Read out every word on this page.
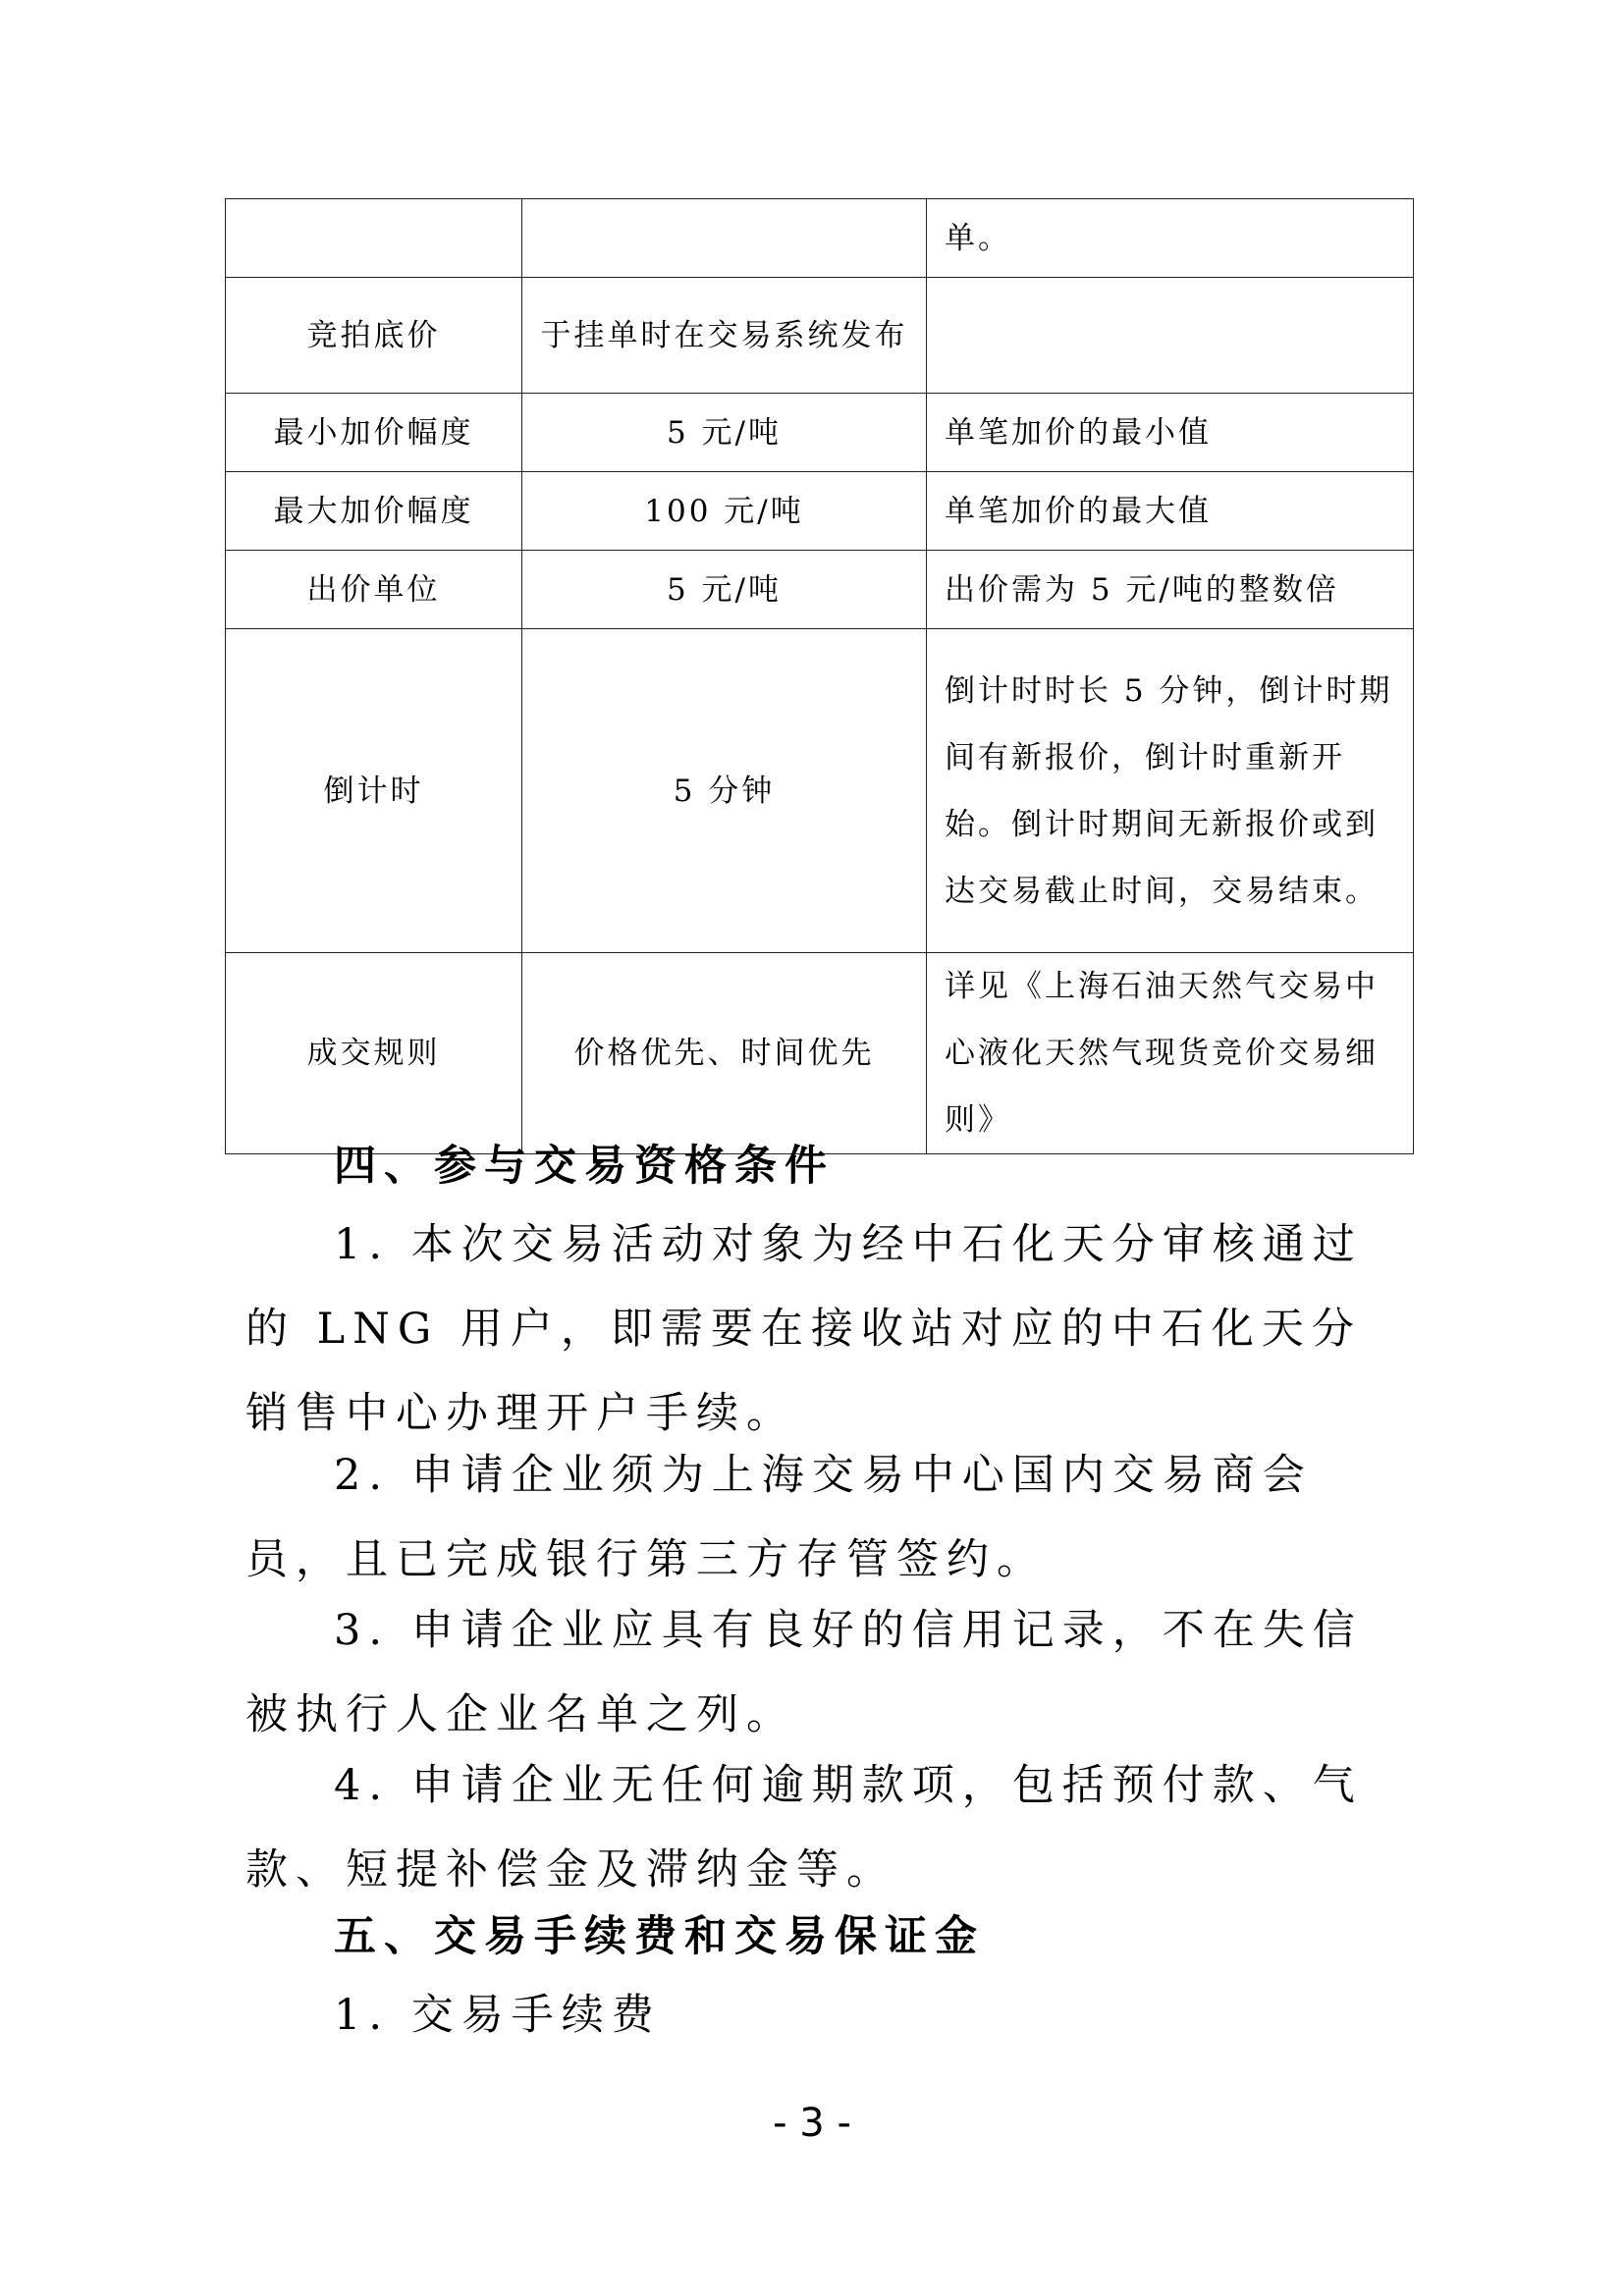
		单。
竞拍底价	于挂单时在交易系统发布	
最小加价幅度	5 元/吨	单笔加价的最小值
最大加价幅度	100 元/吨	单笔加价的最大值
出价单位	5 元/吨	出价需为 5 元/吨的整数倍
倒计时	5 分钟	倒计时时长 5 分钟，倒计时期间有新报价，倒计时重新开始。倒计时期间无新报价或到达交易截止时间，交易结束。
成交规则	价格优先、时间优先	详见《上海石油天然气交易中心液化天然气现货竞价交易细则》
四、参与交易资格条件
1. 本次交易活动对象为经中石化天分审核通过的 LNG 用户，即需要在接收站对应的中石化天分销售中心办理开户手续。
2. 申请企业须为上海交易中心国内交易商会员，且已完成银行第三方存管签约。
3. 申请企业应具有良好的信用记录，不在失信被执行人企业名单之列。
4. 申请企业无任何逾期款项，包括预付款、气款、短提补偿金及滞纳金等。
五、交易手续费和交易保证金
1. 交易手续费
- 3 -
